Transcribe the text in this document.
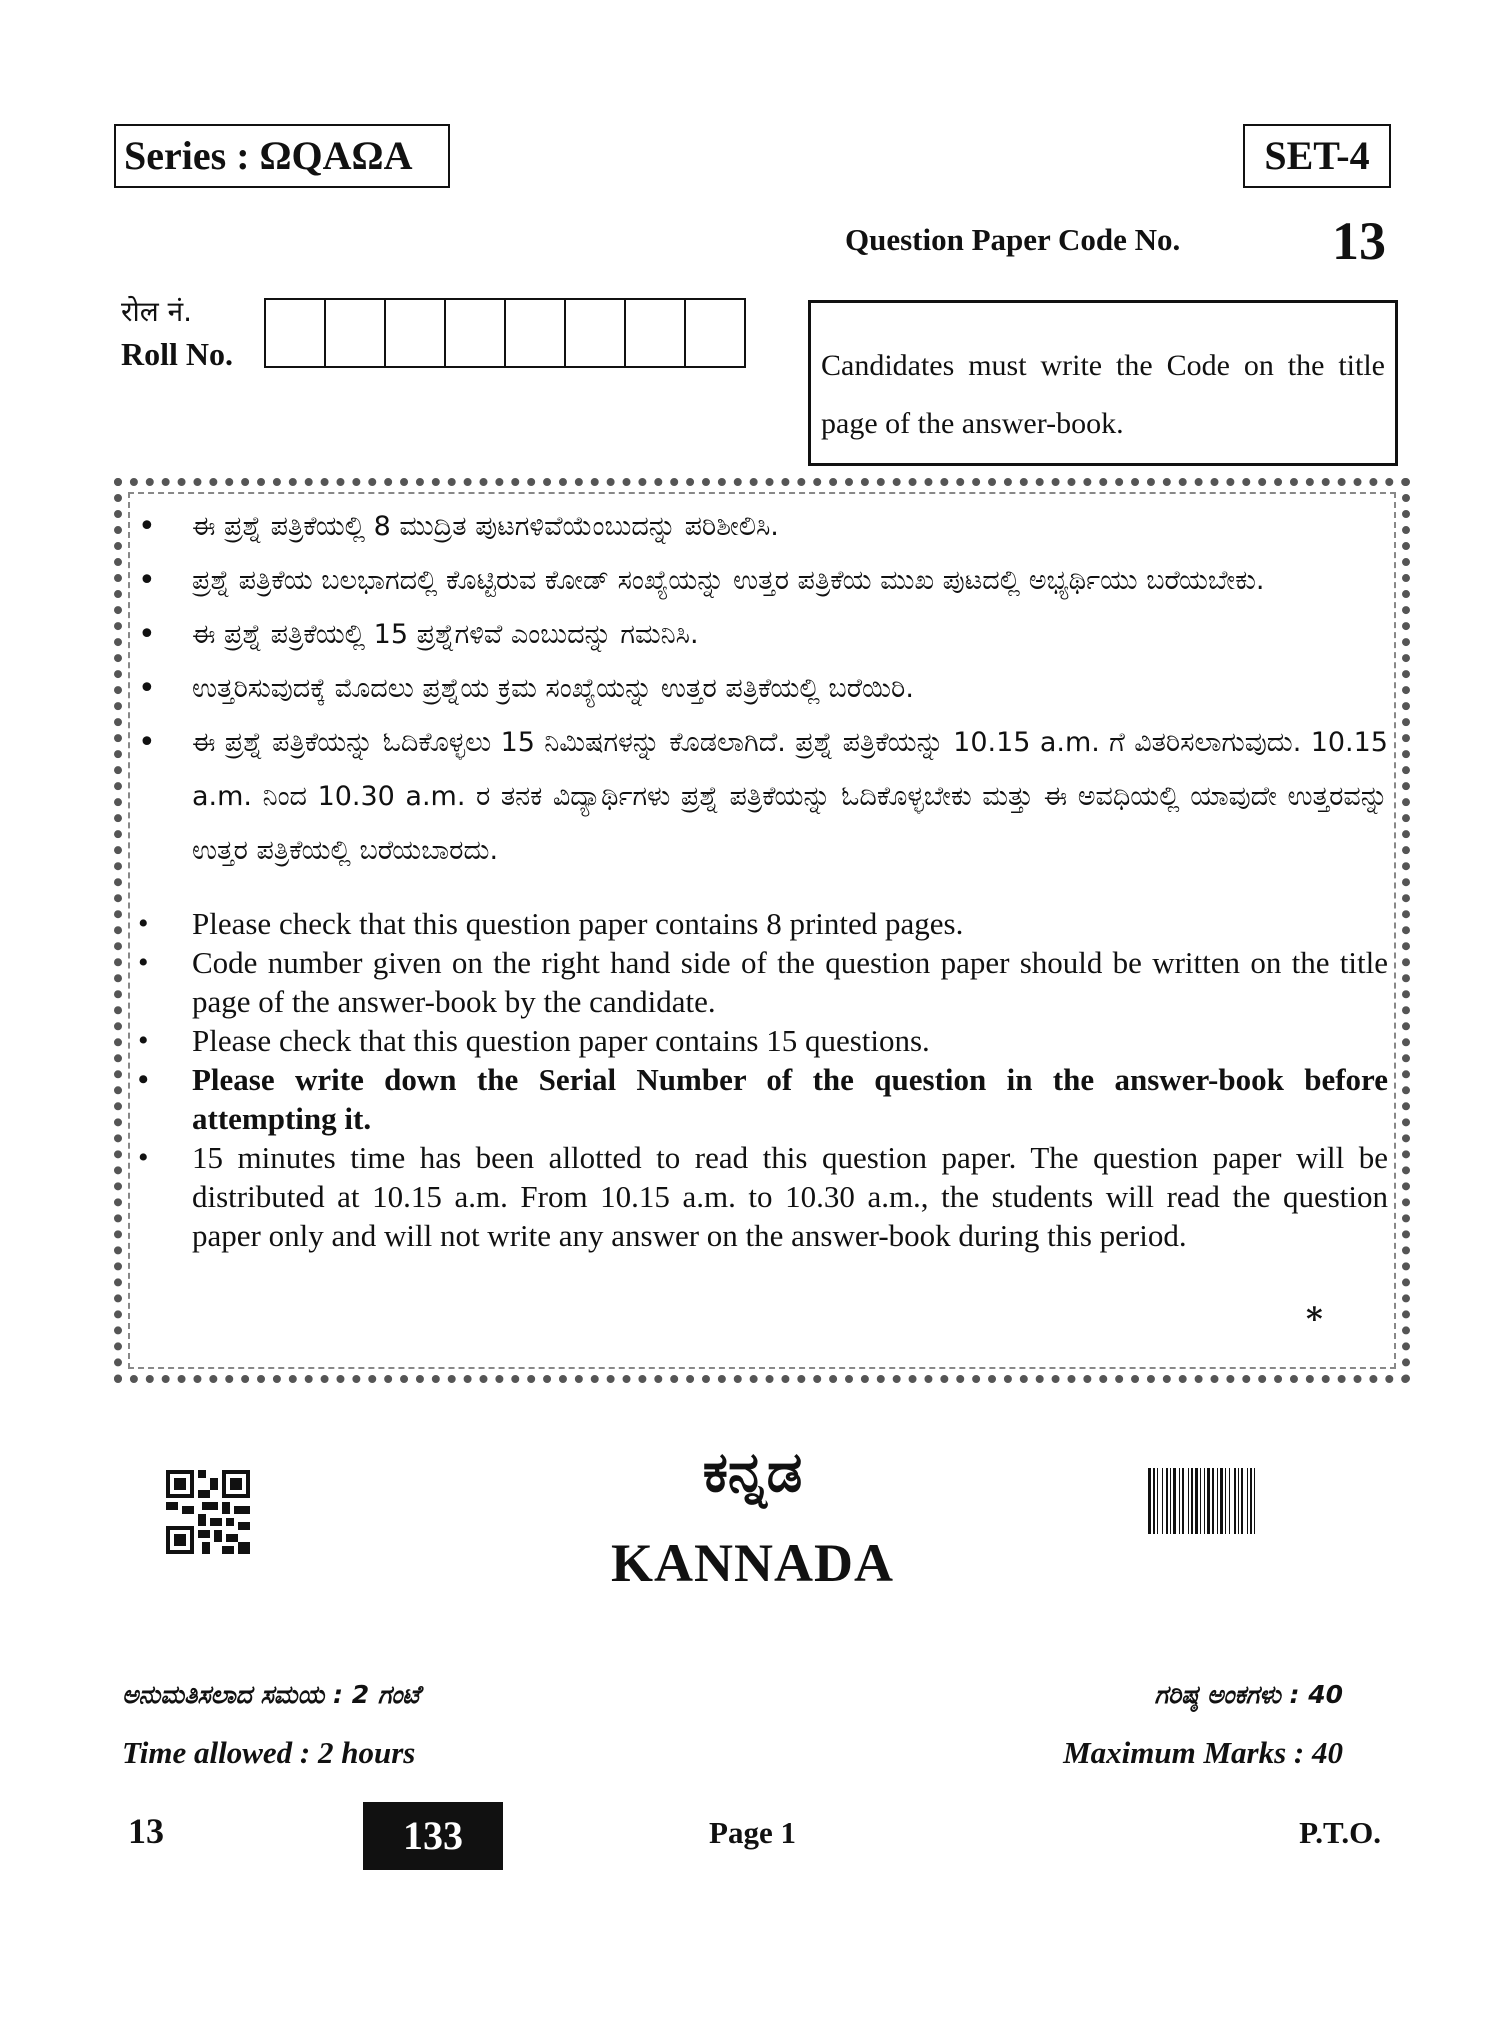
Series : ΩQAΩA	SET-4
Question Paper Code No.	13
रोल नं.
Roll No.	Candidates must write the Code on the title page of the answer-book.
• ಈ ಪ್ರಶ್ನೆ ಪತ್ರಿಕೆಯಲ್ಲಿ 8 ಮುದ್ರಿತ ಪುಟಗಳಿವೆಯೆಂಬುದನ್ನು ಪರಿಶೀಲಿಸಿ.
• ಪ್ರಶ್ನೆ ಪತ್ರಿಕೆಯ ಬಲಭಾಗದಲ್ಲಿ ಕೊಟ್ಟಿರುವ ಕೋಡ್ ಸಂಖ್ಯೆಯನ್ನು ಉತ್ತರ ಪತ್ರಿಕೆಯ ಮುಖ ಪುಟದಲ್ಲಿ ಅಭ್ಯರ್ಥಿಯು ಬರೆಯಬೇಕು.
• ಈ ಪ್ರಶ್ನೆ ಪತ್ರಿಕೆಯಲ್ಲಿ 15 ಪ್ರಶ್ನೆಗಳಿವೆ ಎಂಬುದನ್ನು ಗಮನಿಸಿ.
• ಉತ್ತರಿಸುವುದಕ್ಕೆ ಮೊದಲು ಪ್ರಶ್ನೆಯ ಕ್ರಮ ಸಂಖ್ಯೆಯನ್ನು ಉತ್ತರ ಪತ್ರಿಕೆಯಲ್ಲಿ ಬರೆಯಿರಿ.
• ಈ ಪ್ರಶ್ನೆ ಪತ್ರಿಕೆಯನ್ನು ಓದಿಕೊಳ್ಳಲು 15 ನಿಮಿಷಗಳನ್ನು ಕೊಡಲಾಗಿದೆ. ಪ್ರಶ್ನೆ ಪತ್ರಿಕೆಯನ್ನು 10.15 a.m. ಗೆ ವಿತರಿಸಲಾಗುವುದು. 10.15 a.m. ನಿಂದ 10.30 a.m. ರ ತನಕ ವಿದ್ಯಾರ್ಥಿಗಳು ಪ್ರಶ್ನೆ ಪತ್ರಿಕೆಯನ್ನು ಓದಿಕೊಳ್ಳಬೇಕು ಮತ್ತು ಈ ಅವಧಿಯಲ್ಲಿ ಯಾವುದೇ ಉತ್ತರವನ್ನು ಉತ್ತರ ಪತ್ರಿಕೆಯಲ್ಲಿ ಬರೆಯಬಾರದು.
• Please check that this question paper contains 8 printed pages.
• Code number given on the right hand side of the question paper should be written on the title page of the answer-book by the candidate.
• Please check that this question paper contains 15 questions.
• Please write down the Serial Number of the question in the answer-book before attempting it.
• 15 minutes time has been allotted to read this question paper. The question paper will be distributed at 10.15 a.m. From 10.15 a.m. to 10.30 a.m., the students will read the question paper only and will not write any answer on the answer-book during this period.
*
ಕನ್ನಡ
KANNADA
ಅನುಮತಿಸಲಾದ ಸಮಯ : 2 ಗಂಟೆ
Time allowed : 2 hours
ಗರಿಷ್ಠ ಅಂಕಗಳು : 40
Maximum Marks : 40
13	133	Page 1	P.T.O.
